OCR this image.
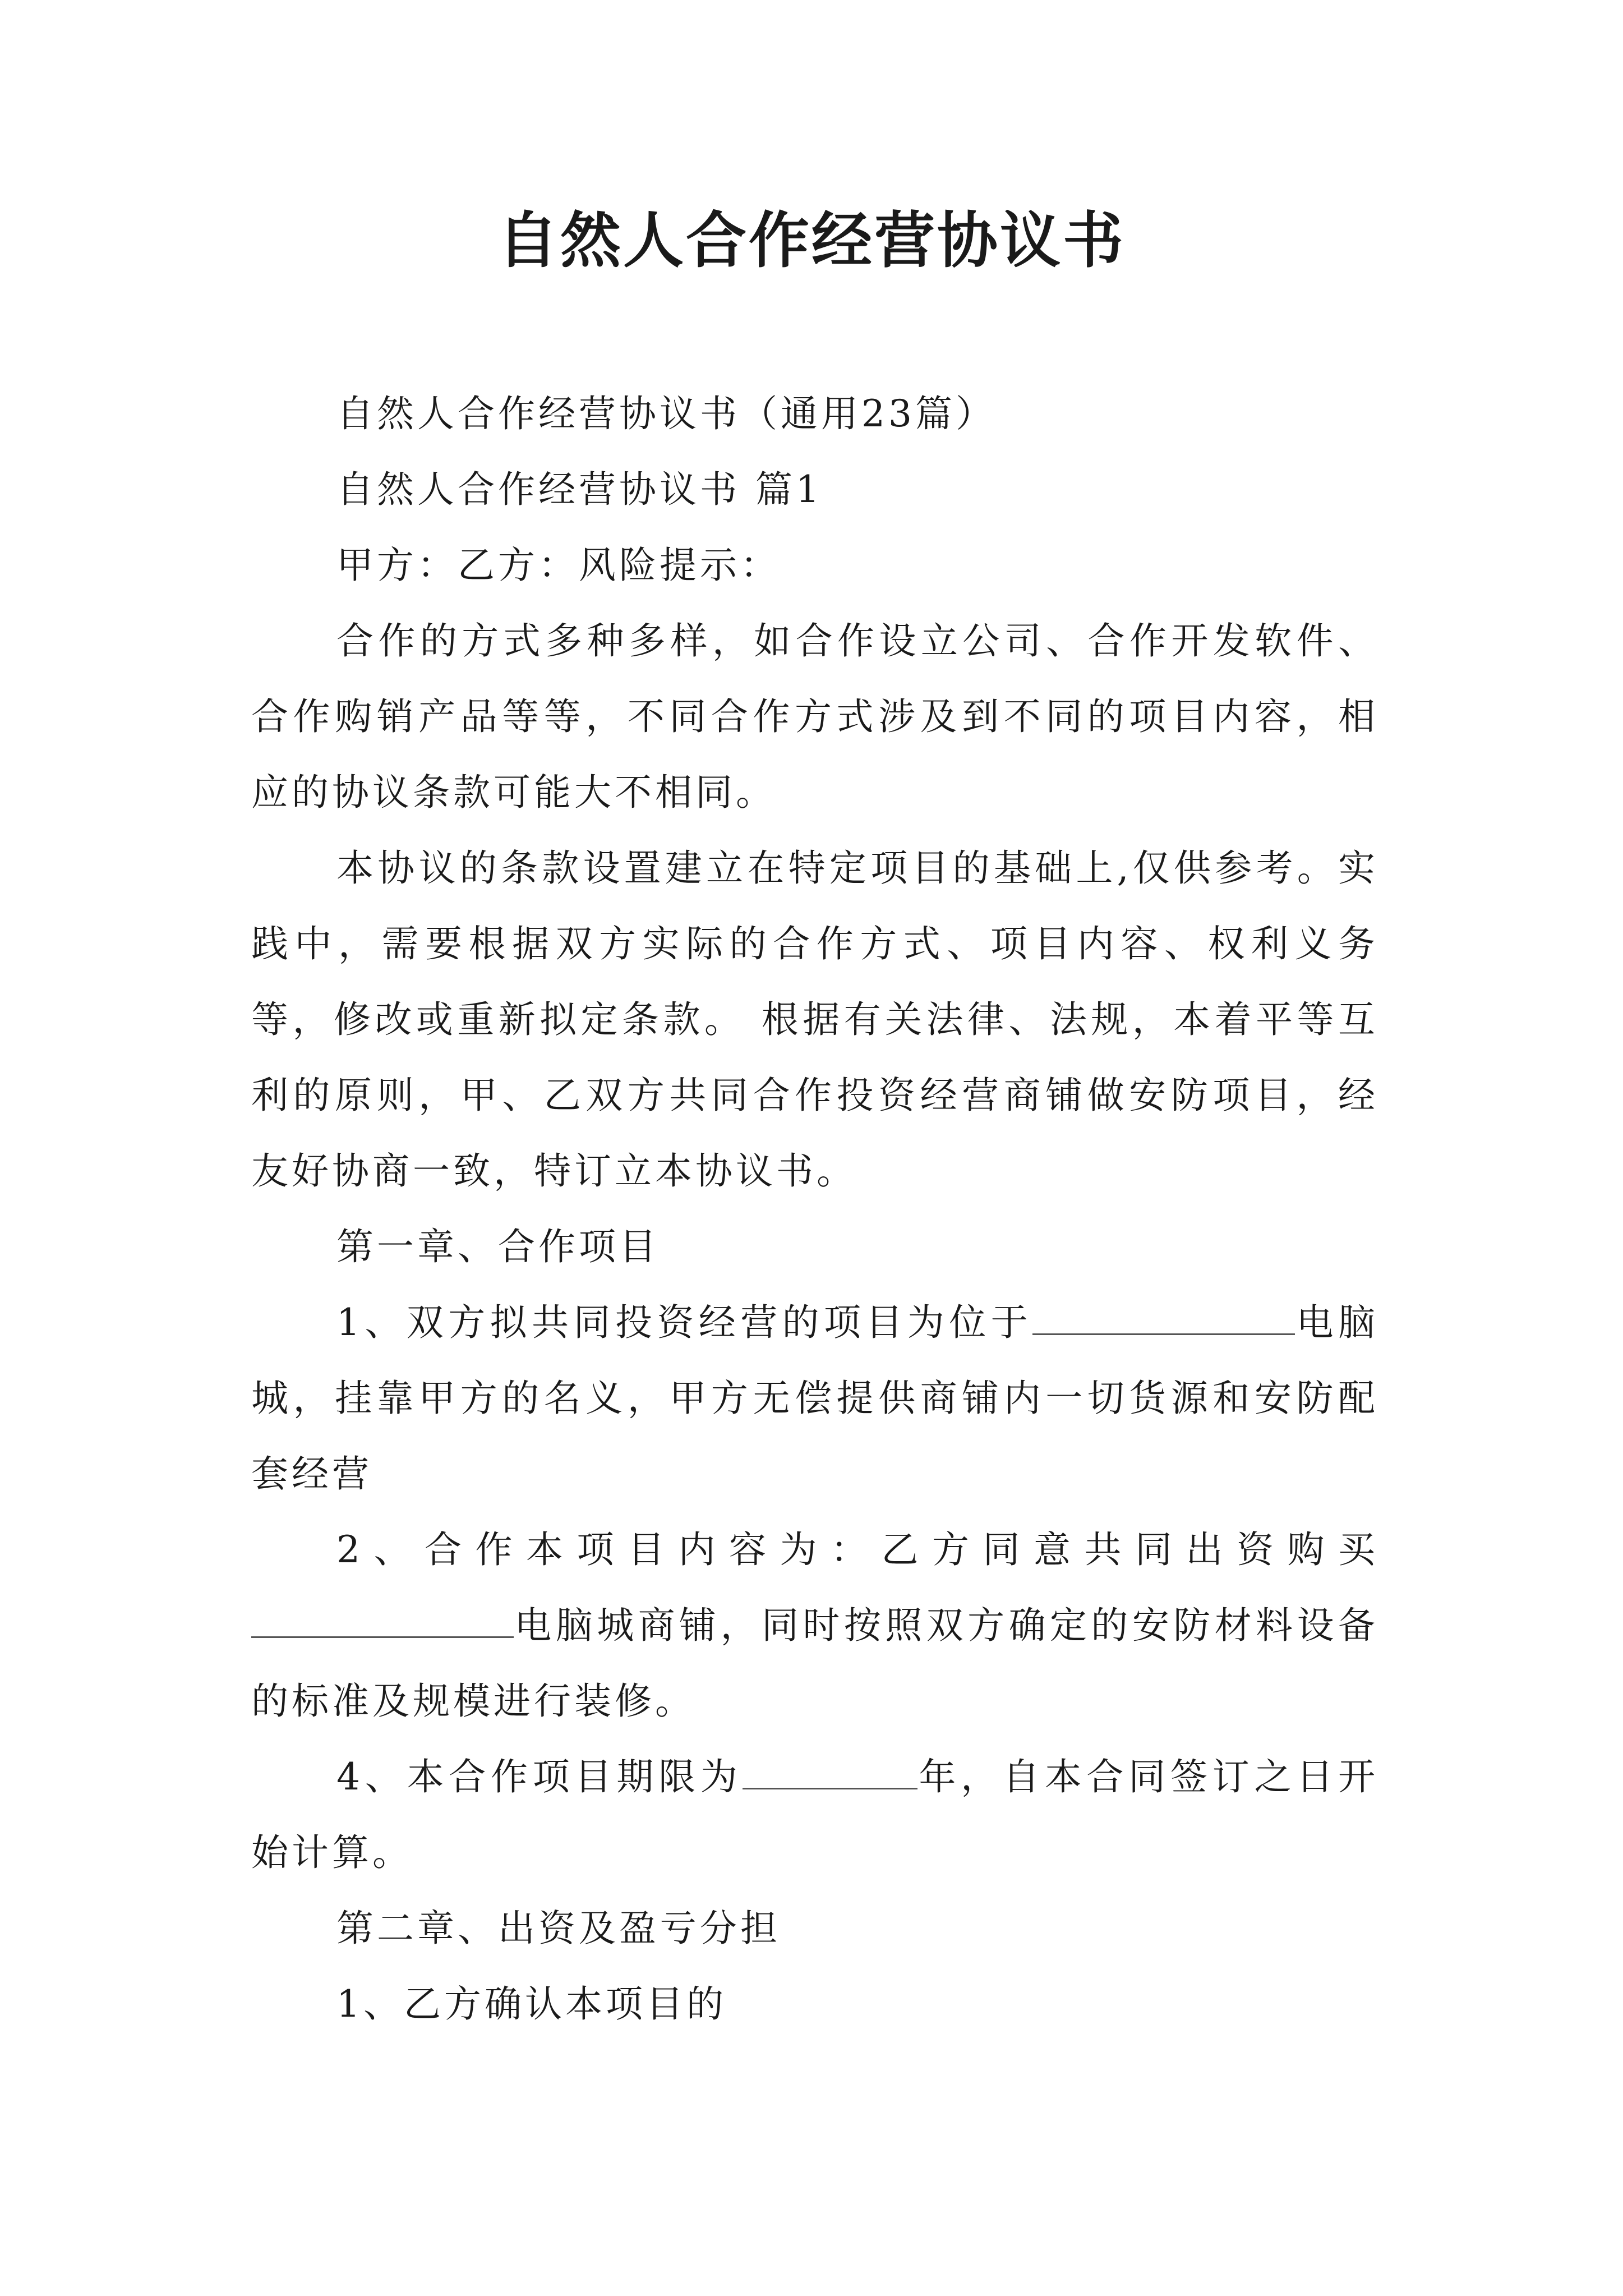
自然人合作经营协议书

自然人合作经营协议书（通用23篇）

自然人合作经营协议书 篇1

甲方：乙方：风险提示：

合作的方式多种多样，如合作设立公司、合作开发软件、合作购销产品等等，不同合作方式涉及到不同的项目内容，相应的协议条款可能大不相同。

本协议的条款设置建立在特定项目的基础上,仅供参考。实践中，需要根据双方实际的合作方式、项目内容、权利义务等，修改或重新拟定条款。 根据有关法律、法规，本着平等互利的原则，甲、乙双方共同合作投资经营商铺做安防项目，经友好协商一致，特订立本协议书。

第一章、合作项目

1、双方拟共同投资经营的项目为位于	电脑城，挂靠甲方的名义，甲方无偿提供商铺内一切货源和安防配套经营

2、合作本项目内容为：乙方同意共同出资购买电脑城商铺，同时按照双方确定的安防材料设备的标准及规模进行装修。

4、本合作项目期限为	年，自本合同签订之日开始计算。

第二章、出资及盈亏分担

1、乙方确认本项目的
